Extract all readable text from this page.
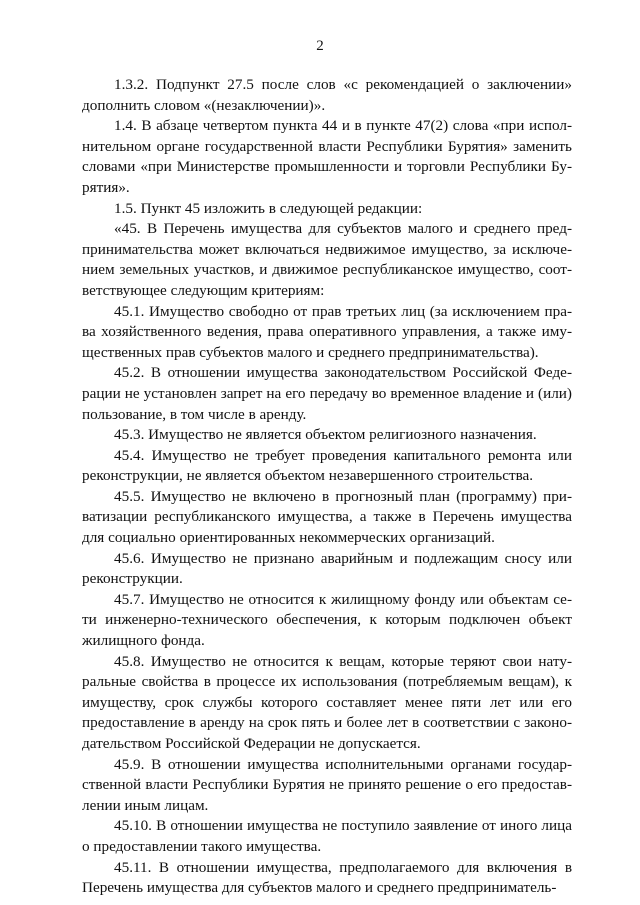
2

1.3.2. Подпункт 27.5 после слов «с рекомендацией о заключении» дополнить словом «(незаключении)».

1.4. В абзаце четвертом пункта 44 и в пункте 47(2) слова «при исполнительном органе государственной власти Республики Бурятия» заменить словами «при Министерстве промышленности и торговли Республики Бурятия».

1.5. Пункт 45 изложить в следующей редакции:

«45. В Перечень имущества для субъектов малого и среднего предпринимательства может включаться недвижимое имущество, за исключением земельных участков, и движимое республиканское имущество, соответствующее следующим критериям:

45.1. Имущество свободно от прав третьих лиц (за исключением права хозяйственного ведения, права оперативного управления, а также имущественных прав субъектов малого и среднего предпринимательства).

45.2. В отношении имущества законодательством Российской Федерации не установлен запрет на его передачу во временное владение и (или) пользование, в том числе в аренду.

45.3. Имущество не является объектом религиозного назначения.

45.4. Имущество не требует проведения капитального ремонта или реконструкции, не является объектом незавершенного строительства.

45.5. Имущество не включено в прогнозный план (программу) приватизации республиканского имущества, а также в Перечень имущества для социально ориентированных некоммерческих организаций.

45.6. Имущество не признано аварийным и подлежащим сносу или реконструкции.

45.7. Имущество не относится к жилищному фонду или объектам сети инженерно-технического обеспечения, к которым подключен объект жилищного фонда.

45.8. Имущество не относится к вещам, которые теряют свои натуральные свойства в процессе их использования (потребляемым вещам), к имуществу, срок службы которого составляет менее пяти лет или его предоставление в аренду на срок пять и более лет в соответствии с законодательством Российской Федерации не допускается.

45.9. В отношении имущества исполнительными органами государственной власти Республики Бурятия не принято решение о его предоставлении иным лицам.

45.10. В отношении имущества не поступило заявление от иного лица о предоставлении такого имущества.

45.11. В отношении имущества, предполагаемого для включения в Перечень имущества для субъектов малого и среднего предприниматель-
